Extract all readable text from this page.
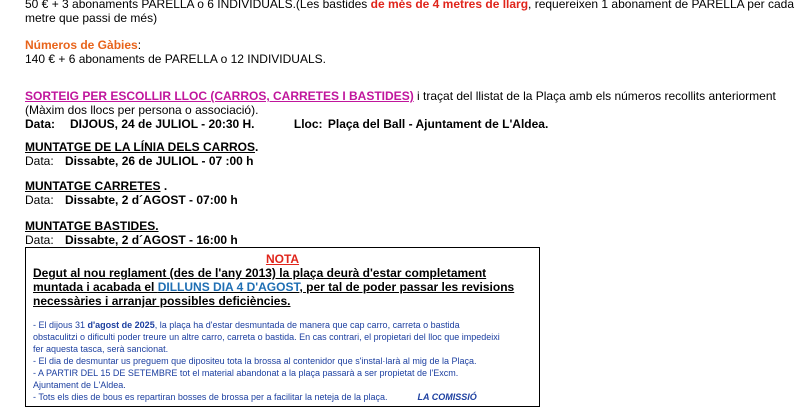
50 € + 3 abonaments PARELLA o 6 INDIVIDUALS.(Les bastides de més de 4 metres de llarg, requereixen 1 abonament de PARELLA per cada
metre que passi de més)
Números de Gàbies:
140 € + 6 abonaments de PARELLA o 12 INDIVIDUALS.
SORTEIG PER ESCOLLIR LLOC (CARROS, CARRETES I BASTIDES) i traçat del llistat de la Plaça amb els números recollits anteriorment
(Màxim dos llocs per persona o associació).
Data: DIJOUS, 24 de JULIOL - 20:30 H.	Lloc: Plaça del Ball - Ajuntament de L'Aldea.
MUNTATGE DE LA LÍNIA DELS CARROS.
Data: Dissabte, 26 de JULIOL - 07 :00 h
MUNTATGE CARRETES .
Data: Dissabte, 2 d´AGOST - 07:00 h
MUNTATGE BASTIDES.
Data: Dissabte, 2 d´AGOST - 16:00 h
NOTA
Degut al nou reglament (des de l'any 2013) la plaça deurà d'estar completament
muntada i acabada el DILLUNS DIA 4 D'AGOST, per tal de poder passar les revisions
necessàries i arranjar possibles deficiències.
- El dijous 31 d'agost de 2025, la plaça ha d'estar desmuntada de manera que cap carro, carreta o bastida
obstaculitzi o dificulti poder treure un altre carro, carreta o bastida. En cas contrari, el propietari del lloc que impedeixi
fer aquesta tasca, serà sancionat.
- El dia de desmuntar us preguem que dipositeu tota la brossa al contenidor que s'instal·larà al mig de la Plaça.
- A PARTIR DEL 15 DE SETEMBRE tot el material abandonat a la plaça passarà a ser propietat de l'Excm.
Ajuntament de L'Aldea.
- Tots els dies de bous es repartiran bosses de brossa per a facilitar la neteja de la plaça.	LA COMISSIÓ
